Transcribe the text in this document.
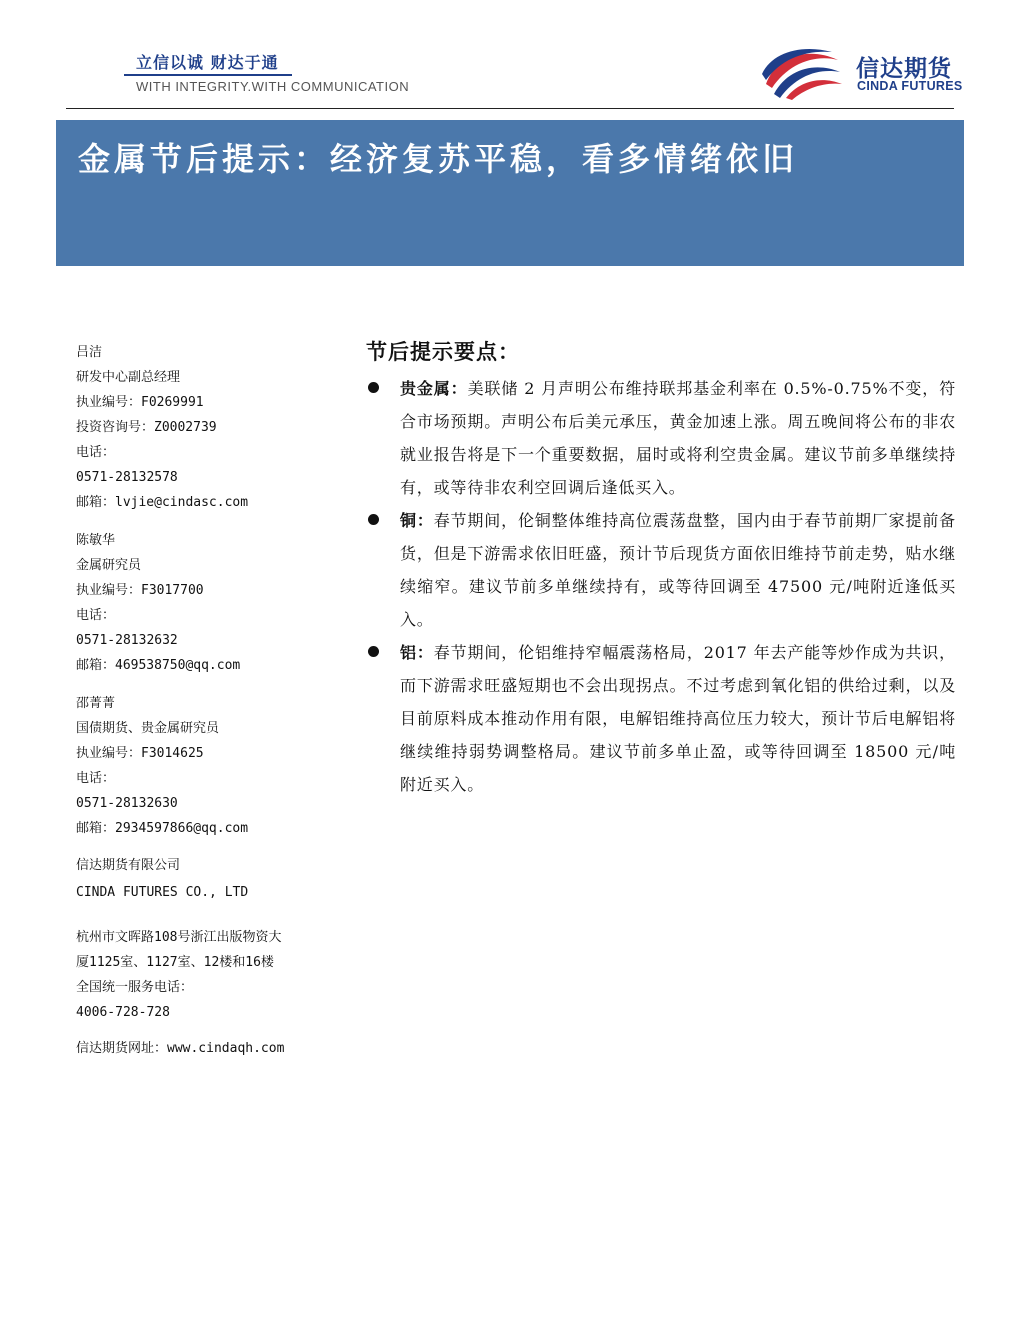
立信以诚 财达于通
WITH INTEGRITY.WITH COMMUNICATION
信达期货
CINDA FUTURES
金属节后提示：经济复苏平稳，看多情绪依旧
吕洁
研发中心副总经理
执业编号：F0269991
投资咨询号：Z0002739
电话：
0571-28132578
邮箱：lvjie@cindasc.com
陈敏华
金属研究员
执业编号：F3017700
电话：
0571-28132632
邮箱：469538750@qq.com
邵菁菁
国债期货、贵金属研究员
执业编号：F3014625
电话：
0571-28132630
邮箱：2934597866@qq.com
信达期货有限公司
CINDA FUTURES CO., LTD
杭州市文晖路108号浙江出版物资大
厦1125室、1127室、12楼和16楼
全国统一服务电话：
4006-728-728
信达期货网址：www.cindaqh.com
节后提示要点：
贵金属：美联储 2 月声明公布维持联邦基金利率在 0.5%-0.75%不变，符合市场预期。声明公布后美元承压，黄金加速上涨。周五晚间将公布的非农就业报告将是下一个重要数据，届时或将利空贵金属。建议节前多单继续持有，或等待非农利空回调后逢低买入。
铜：春节期间，伦铜整体维持高位震荡盘整，国内由于春节前期厂家提前备货，但是下游需求依旧旺盛，预计节后现货方面依旧维持节前走势，贴水继续缩窄。建议节前多单继续持有，或等待回调至 47500 元/吨附近逢低买入。
铝：春节期间，伦铝维持窄幅震荡格局，2017 年去产能等炒作成为共识，而下游需求旺盛短期也不会出现拐点。不过考虑到氧化铝的供给过剩，以及目前原料成本推动作用有限，电解铝维持高位压力较大，预计节后电解铝将继续维持弱势调整格局。建议节前多单止盈，或等待回调至 18500 元/吨附近买入。
